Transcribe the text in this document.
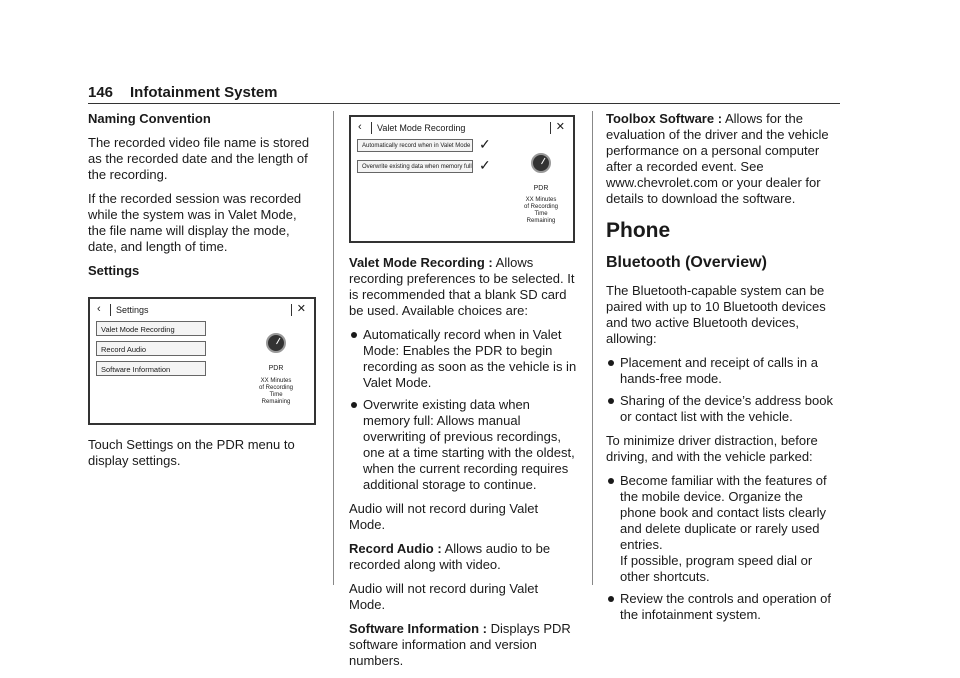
146 Infotainment System

Naming Convention

The recorded video file name is stored as the recorded date and the length of the recording.

If the recorded session was recorded while the system was in Valet Mode, the file name will display the mode, date, and length of time.

Settings

‹ Settings	✕
Valet Mode Recording
Record Audio
Software Information	PDR
XX Minutes
of Recording
Time
Remaining

Touch Settings on the PDR menu to display settings.

‹ Valet Mode Recording	✕
Automatically record when in Valet Mode ✓
Overwrite existing data when memory full ✓
PDR
XX Minutes
of Recording
Time
Remaining

Valet Mode Recording : Allows recording preferences to be selected. It is recommended that a blank SD card be used. Available choices are:

Automatically record when in Valet Mode: Enables the PDR to begin recording as soon as the vehicle is in Valet Mode.
Overwrite existing data when memory full: Allows manual overwriting of previous recordings, one at a time starting with the oldest, when the current recording requires additional storage to continue.

Audio will not record during Valet Mode.

Record Audio : Allows audio to be recorded along with video.

Audio will not record during Valet Mode.

Software Information : Displays PDR software information and version numbers.

Toolbox Software : Allows for the evaluation of the driver and the vehicle performance on a personal computer after a recorded event. See www.chevrolet.com or your dealer for details to download the software.

Phone
Bluetooth (Overview)

The Bluetooth-capable system can be paired with up to 10 Bluetooth devices and two active Bluetooth devices, allowing:

Placement and receipt of calls in a hands-free mode.
Sharing of the device’s address book or contact list with the vehicle.

To minimize driver distraction, before driving, and with the vehicle parked:

Become familiar with the features of the mobile device. Organize the phone book and contact lists clearly and delete duplicate or rarely used entries.
If possible, program speed dial or other shortcuts.
Review the controls and operation of the infotainment system.
